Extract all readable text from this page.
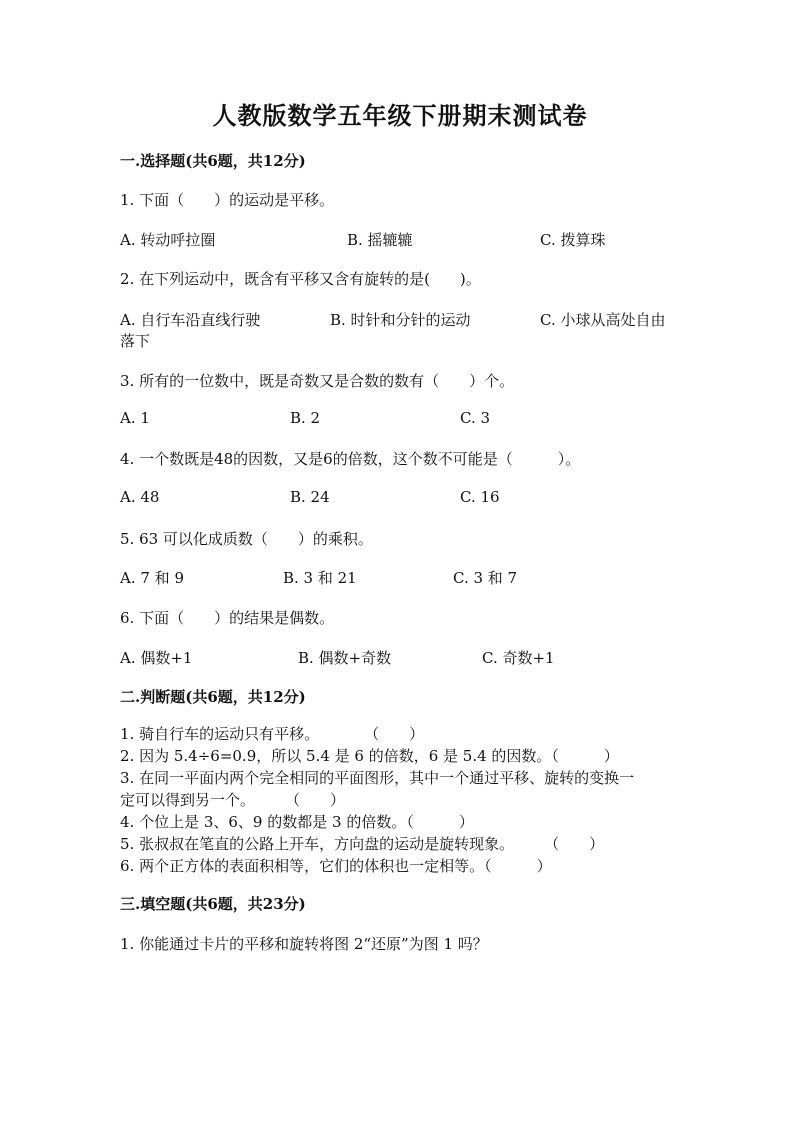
人教版数学五年级下册期末测试卷
一.选择题(共6题，共12分)
1. 下面（　　）的运动是平移。
A. 转动呼拉圈	B. 摇辘辘	C. 拨算珠
2. 在下列运动中，既含有平移又含有旋转的是(　　)。
A. 自行车沿直线行驶	B. 时针和分针的运动	C. 小球从高处自由
落下
3. 所有的一位数中，既是奇数又是合数的数有（　　）个。
A. 1	B. 2	C. 3
4. 一个数既是48的因数，又是6的倍数，这个数不可能是（　　　）。
A. 48	B. 24	C. 16
5. 63 可以化成质数（　　）的乘积。
A. 7 和 9	B. 3 和 21	C. 3 和 7
6. 下面（　　）的结果是偶数。
A. 偶数+1	B. 偶数+奇数	C. 奇数+1
二.判断题(共6题，共12分)
1. 骑自行车的运动只有平移。　　　　（　　）
2. 因为 5.4÷6=0.9，所以 5.4 是 6 的倍数，6 是 5.4 的因数。（　　　）
3. 在同一平面内两个完全相同的平面图形，其中一个通过平移、旋转的变换一
定可以得到另一个。　　　（　　）
4. 个位上是 3、6、9 的数都是 3 的倍数。（　　　）
5. 张叔叔在笔直的公路上开车，方向盘的运动是旋转现象。　　　（　　）
6. 两个正方体的表面积相等，它们的体积也一定相等。（　　　）
三.填空题(共6题，共23分)
1. 你能通过卡片的平移和旋转将图 2“还原”为图 1 吗？
